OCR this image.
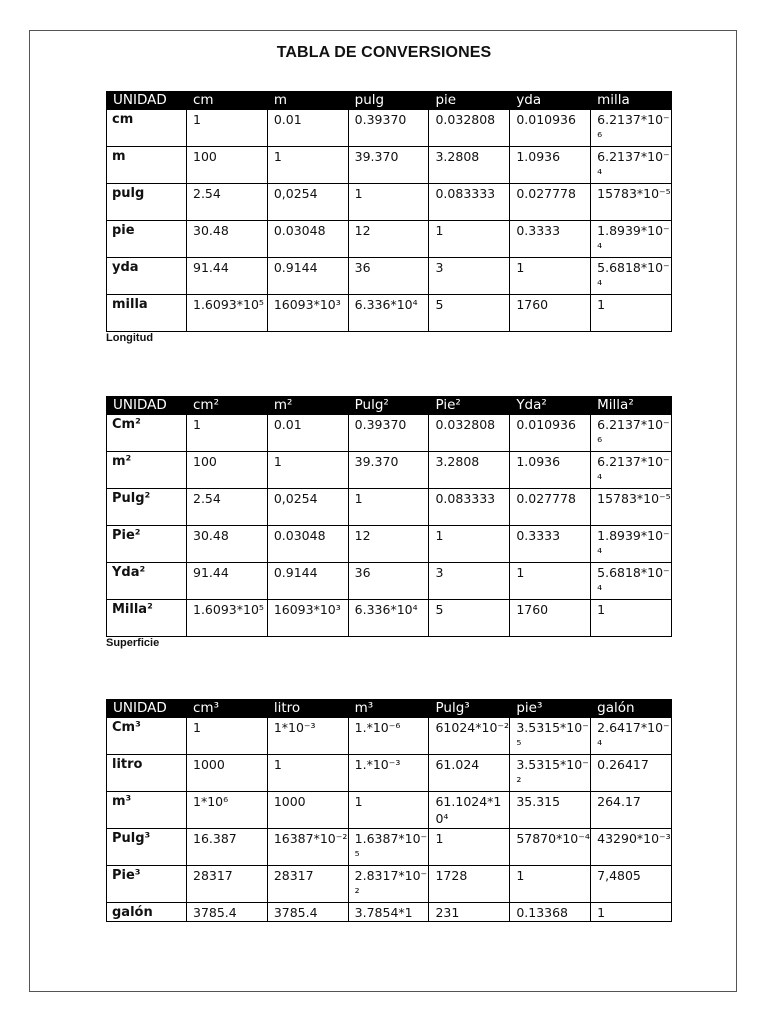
TABLA DE CONVERSIONES
UNIDAD	cm	m	pulg	pie	yda	milla
cm	1	0.01	0.39370	0.032808	0.010936	6.2137*10⁻⁶
m	100	1	39.370	3.2808	1.0936	6.2137*10⁻⁴
pulg	2.54	0,0254	1	0.083333	0.027778	15783*10⁻⁵
pie	30.48	0.03048	12	1	0.3333	1.8939*10⁻⁴
yda	91.44	0.9144	36	3	1	5.6818*10⁻⁴
milla	1.6093*10⁵	16093*10³	6.336*10⁴	5	1760	1
Longitud
UNIDAD	cm²	m²	Pulg²	Pie²	Yda²	Milla²
Cm²	1	0.01	0.39370	0.032808	0.010936	6.2137*10⁻⁶
m²	100	1	39.370	3.2808	1.0936	6.2137*10⁻⁴
Pulg²	2.54	0,0254	1	0.083333	0.027778	15783*10⁻⁵
Pie²	30.48	0.03048	12	1	0.3333	1.8939*10⁻⁴
Yda²	91.44	0.9144	36	3	1	5.6818*10⁻⁴
Milla²	1.6093*10⁵	16093*10³	6.336*10⁴	5	1760	1
Superficie
UNIDAD	cm³	litro	m³	Pulg³	pie³	galón
Cm³	1	1*10⁻³	1.*10⁻⁶	61024*10⁻²	3.5315*10⁻⁵	2.6417*10⁻⁴
litro	1000	1	1.*10⁻³	61.024	3.5315*10⁻²	0.26417
m³	1*10⁶	1000	1	61.1024*10⁴	35.315	264.17
Pulg³	16.387	16387*10⁻²	1.6387*10⁻⁵	1	57870*10⁻⁴	43290*10⁻³
Pie³	28317	28317	2.8317*10⁻²	1728	1	7,4805
galón	3785.4	3785.4	3.7854*1	231	0.13368	1
